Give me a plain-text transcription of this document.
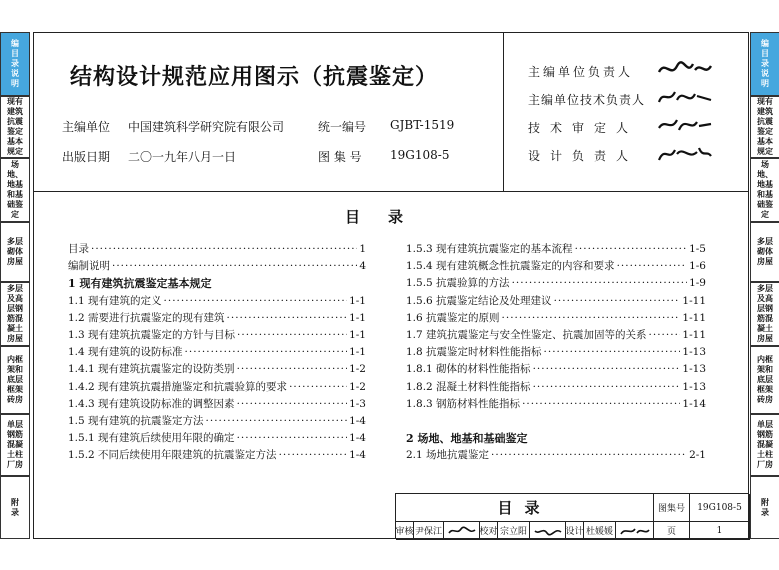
结构设计规范应用图示（抗震鉴定）
主编单位 中国建筑科学研究院有限公司	统一编号 GJBT-1519
出版日期 二〇一九年八月一日	图 集 号 19G108-5
主编单位负责人
主编单位技术负责人
技术审定人
设计负责人
目录
目录 ·····	1
编制说明 ·····	4
1 现有建筑抗震鉴定基本规定
1.1 现有建筑的定义 ·····	1-1
1.2 需要进行抗震鉴定的现有建筑 ·····	1-1
1.3 现有建筑抗震鉴定的方针与目标 ·····	1-1
1.4 现有建筑的设防标准 ·····	1-1
1.4.1 现有建筑抗震鉴定的设防类别 ·····	1-2
1.4.2 现有建筑抗震措施鉴定和抗震验算的要求 ·····	1-2
1.4.3 现有建筑设防标准的调整因素 ·····	1-3
1.5 现有建筑的抗震鉴定方法 ·····	1-4
1.5.1 现有建筑后续使用年限的确定 ·····	1-4
1.5.2 不同后续使用年限建筑的抗震鉴定方法 ·····	1-4
1.5.3 现有建筑抗震鉴定的基本流程 ·····	1-5
1.5.4 现有建筑概念性抗震鉴定的内容和要求 ·····	1-6
1.5.5 抗震验算的方法 ·····	1-9
1.5.6 抗震鉴定结论及处理建议 ·····	1-11
1.6 抗震鉴定的原则 ·····	1-11
1.7 建筑抗震鉴定与安全性鉴定、抗震加固等的关系 ·····	1-11
1.8 抗震鉴定时材料性能指标 ·····	1-13
1.8.1 砌体的材料性能指标 ·····	1-13
1.8.2 混凝土材料性能指标 ·····	1-13
1.8.3 钢筋材料性能指标 ·····	1-14

2 场地、地基和基础鉴定
2.1 场地抗震鉴定 ·····	2-1
目录	图集号	19G108-5
审核 尹保江	校对 宗立阳	设计 杜媛媛	页	1
编目录说明
现有建筑抗震鉴定基本规定
场地、地基和基础鉴定
多层砌体房屋
多层及高层钢筋混凝土房屋
内框架和底层框架砖房
单层钢筋混凝土柱厂房
附录
编目录说明
现有建筑抗震鉴定基本规定
场地、地基和基础鉴定
多层砌体房屋
多层及高层钢筋混凝土房屋
内框架和底层框架砖房
单层钢筋混凝土柱厂房
附录
